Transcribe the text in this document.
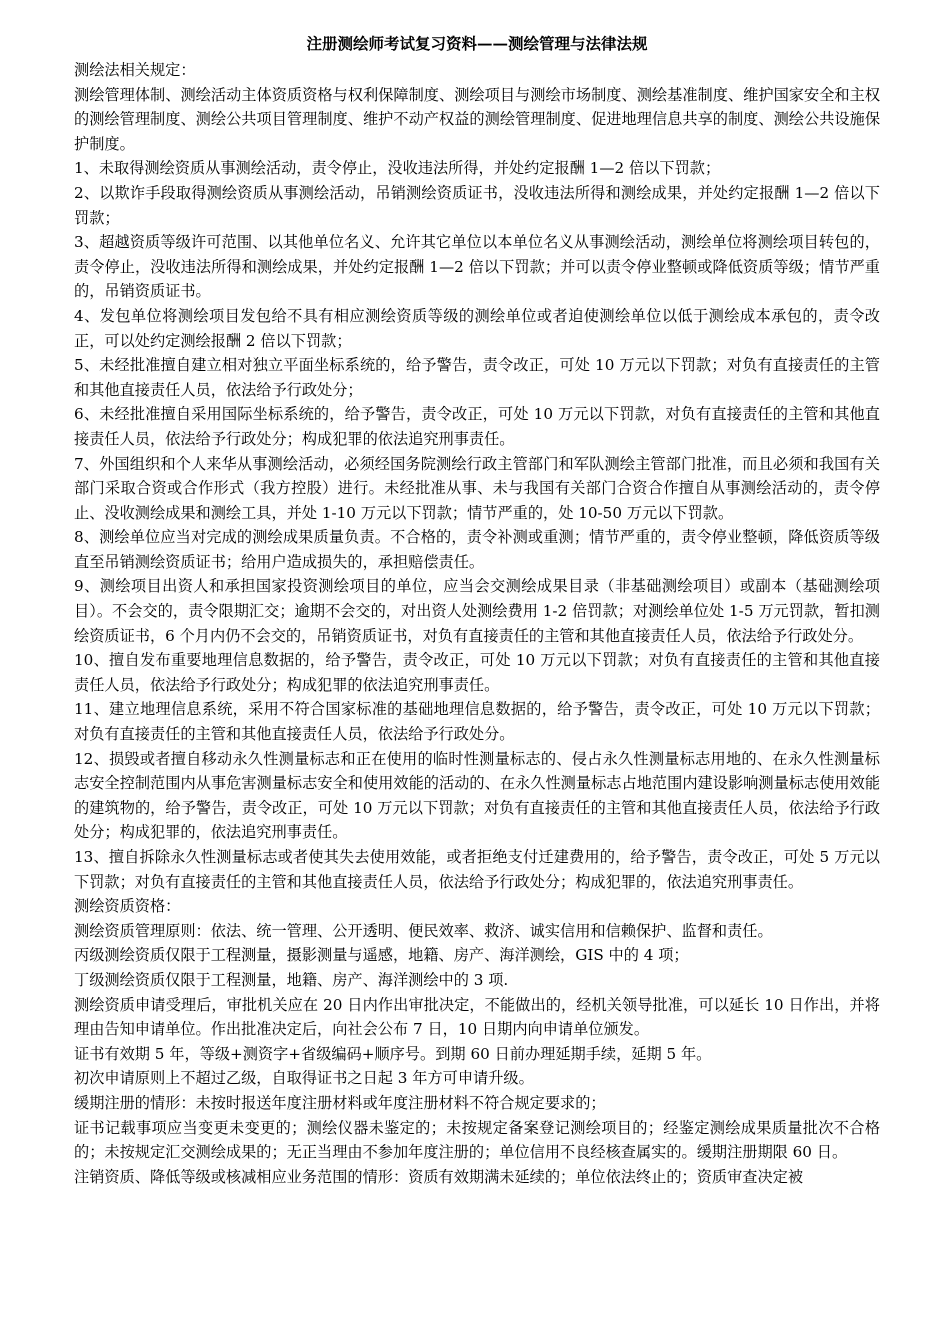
注册测绘师考试复习资料——测绘管理与法律法规

测绘法相关规定：

测绘管理体制、测绘活动主体资质资格与权利保障制度、测绘项目与测绘市场制度、测绘基准制度、维护国家安全和主权的测绘管理制度、测绘公共项目管理制度、维护不动产权益的测绘管理制度、促进地理信息共享的制度、测绘公共设施保护制度。

1、未取得测绘资质从事测绘活动，责令停止，没收违法所得，并处约定报酬 1—2 倍以下罚款；

2、以欺诈手段取得测绘资质从事测绘活动，吊销测绘资质证书，没收违法所得和测绘成果，并处约定报酬 1—2 倍以下罚款；

3、超越资质等级许可范围、以其他单位名义、允许其它单位以本单位名义从事测绘活动，测绘单位将测绘项目转包的，责令停止，没收违法所得和测绘成果，并处约定报酬 1—2 倍以下罚款；并可以责令停业整顿或降低资质等级；情节严重的，吊销资质证书。

4、发包单位将测绘项目发包给不具有相应测绘资质等级的测绘单位或者迫使测绘单位以低于测绘成本承包的，责令改正，可以处约定测绘报酬 2 倍以下罚款；

5、未经批准擅自建立相对独立平面坐标系统的，给予警告，责令改正，可处 10 万元以下罚款；对负有直接责任的主管和其他直接责任人员，依法给予行政处分；

6、未经批准擅自采用国际坐标系统的，给予警告，责令改正，可处 10 万元以下罚款，对负有直接责任的主管和其他直接责任人员，依法给予行政处分；构成犯罪的依法追究刑事责任。

7、外国组织和个人来华从事测绘活动，必须经国务院测绘行政主管部门和军队测绘主管部门批准，而且必须和我国有关部门采取合资或合作形式（我方控股）进行。未经批准从事、未与我国有关部门合资合作擅自从事测绘活动的，责令停止、没收测绘成果和测绘工具，并处 1-10 万元以下罚款；情节严重的，处 10-50 万元以下罚款。

8、测绘单位应当对完成的测绘成果质量负责。不合格的，责令补测或重测；情节严重的，责令停业整顿，降低资质等级直至吊销测绘资质证书；给用户造成损失的，承担赔偿责任。

9、测绘项目出资人和承担国家投资测绘项目的单位，应当会交测绘成果目录（非基础测绘项目）或副本（基础测绘项目）。不会交的，责令限期汇交；逾期不会交的，对出资人处测绘费用 1-2 倍罚款；对测绘单位处 1-5 万元罚款，暂扣测绘资质证书，6 个月内仍不会交的，吊销资质证书，对负有直接责任的主管和其他直接责任人员，依法给予行政处分。

10、擅自发布重要地理信息数据的，给予警告，责令改正，可处 10 万元以下罚款；对负有直接责任的主管和其他直接责任人员，依法给予行政处分；构成犯罪的依法追究刑事责任。

11、建立地理信息系统，采用不符合国家标准的基础地理信息数据的，给予警告，责令改正，可处 10 万元以下罚款；对负有直接责任的主管和其他直接责任人员，依法给予行政处分。

12、损毁或者擅自移动永久性测量标志和正在使用的临时性测量标志的、侵占永久性测量标志用地的、在永久性测量标志安全控制范围内从事危害测量标志安全和使用效能的活动的、在永久性测量标志占地范围内建设影响测量标志使用效能的建筑物的，给予警告，责令改正，可处 10 万元以下罚款；对负有直接责任的主管和其他直接责任人员，依法给予行政处分；构成犯罪的，依法追究刑事责任。

13、擅自拆除永久性测量标志或者使其失去使用效能，或者拒绝支付迁建费用的，给予警告，责令改正，可处 5 万元以下罚款；对负有直接责任的主管和其他直接责任人员，依法给予行政处分；构成犯罪的，依法追究刑事责任。

测绘资质资格：

测绘资质管理原则：依法、统一管理、公开透明、便民效率、救济、诚实信用和信赖保护、监督和责任。

丙级测绘资质仅限于工程测量，摄影测量与遥感，地籍、房产、海洋测绘，GIS 中的 4 项；

丁级测绘资质仅限于工程测量，地籍、房产、海洋测绘中的 3 项.

测绘资质申请受理后，审批机关应在 20 日内作出审批决定，不能做出的，经机关领导批准，可以延长 10 日作出，并将理由告知申请单位。作出批准决定后，向社会公布 7 日，10 日期内向申请单位颁发。

证书有效期 5 年，等级+测资字+省级编码+顺序号。到期 60 日前办理延期手续，延期 5 年。

初次申请原则上不超过乙级，自取得证书之日起 3 年方可申请升级。

缓期注册的情形：未按时报送年度注册材料或年度注册材料不符合规定要求的；

证书记载事项应当变更未变更的；测绘仪器未鉴定的；未按规定备案登记测绘项目的；经鉴定测绘成果质量批次不合格的；未按规定汇交测绘成果的；无正当理由不参加年度注册的；单位信用不良经核查属实的。缓期注册期限 60 日。

注销资质、降低等级或核减相应业务范围的情形：资质有效期满未延续的；单位依法终止的；资质审查决定被
